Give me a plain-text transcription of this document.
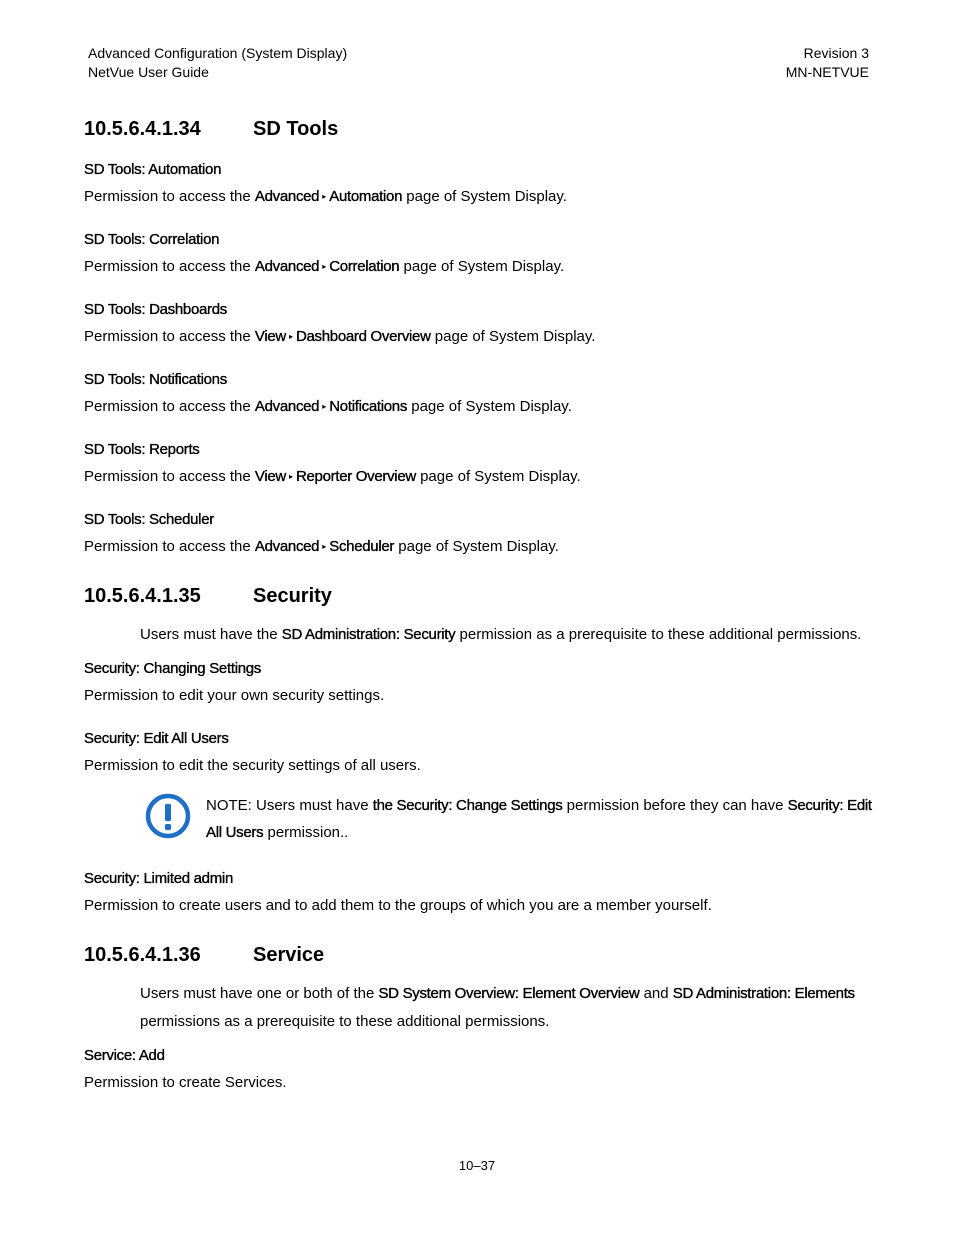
Advanced Configuration (System Display)
NetVue User Guide
Revision 3
MN-NETVUE
10.5.6.4.1.34	SD Tools

SD Tools: Automation

Permission to access the Advanced ▸ Automation page of System Display.

SD Tools: Correlation

Permission to access the Advanced ▸ Correlation page of System Display.

SD Tools: Dashboards

Permission to access the View ▸ Dashboard Overview page of System Display.

SD Tools: Notifications

Permission to access the Advanced ▸ Notifications page of System Display.

SD Tools: Reports

Permission to access the View ▸ Reporter Overview page of System Display.

SD Tools: Scheduler

Permission to access the Advanced ▸ Scheduler page of System Display.

10.5.6.4.1.35	Security

Users must have the SD Administration: Security permission as a prerequisite to these additional permissions.

Security: Changing Settings

Permission to edit your own security settings.

Security: Edit All Users

Permission to edit the security settings of all users.

NOTE: Users must have the Security: Change Settings permission before they can have Security: Edit All Users permission..

Security: Limited admin

Permission to create users and to add them to the groups of which you are a member yourself.

10.5.6.4.1.36	Service

Users must have one or both of the SD System Overview: Element Overview and SD Administration: Elements permissions as a prerequisite to these additional permissions.

Service: Add

Permission to create Services.

10–37
